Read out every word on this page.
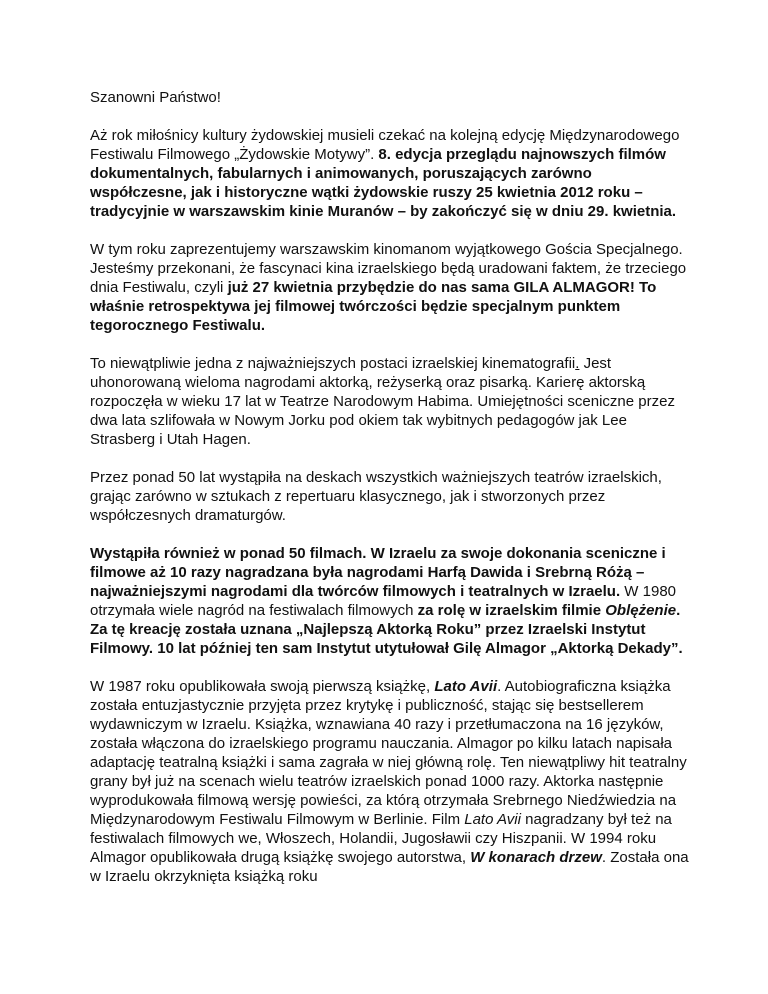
Szanowni Państwo!

Aż rok miłośnicy kultury żydowskiej musieli czekać na kolejną edycję Międzynarodowego Festiwalu Filmowego „Żydowskie Motywy”. 8. edycja przeglądu najnowszych filmów dokumentalnych, fabularnych i animowanych, poruszających zarówno współczesne, jak i historyczne wątki żydowskie ruszy 25 kwietnia 2012 roku – tradycyjnie w warszawskim kinie Muranów – by zakończyć się w dniu 29. kwietnia.

W tym roku zaprezentujemy warszawskim kinomanom wyjątkowego Gościa Specjalnego. Jesteśmy przekonani, że fascynaci kina izraelskiego będą uradowani faktem, że trzeciego dnia Festiwalu, czyli już 27 kwietnia przybędzie do nas sama GILA ALMAGOR! To właśnie retrospektywa jej filmowej twórczości będzie specjalnym punktem tegorocznego Festiwalu.

To niewątpliwie jedna z najważniejszych postaci izraelskiej kinematografii. Jest uhonorowaną wieloma nagrodami aktorką, reżyserką oraz pisarką. Karierę aktorską rozpoczęła w wieku 17 lat w Teatrze Narodowym Habima. Umiejętności sceniczne przez dwa lata szlifowała w Nowym Jorku pod okiem tak wybitnych pedagogów jak Lee Strasberg i Utah Hagen.

Przez ponad 50 lat wystąpiła na deskach wszystkich ważniejszych teatrów izraelskich, grając zarówno w sztukach z repertuaru klasycznego, jak i stworzonych przez współczesnych dramaturgów.

Wystąpiła również w ponad 50 filmach. W Izraelu za swoje dokonania sceniczne i filmowe aż 10 razy nagradzana była nagrodami Harfą Dawida i Srebrną Różą – najważniejszymi nagrodami dla twórców filmowych i teatralnych w Izraelu. W 1980 otrzymała wiele nagród na festiwalach filmowych za rolę w izraelskim filmie Oblężenie. Za tę kreację została uznana „Najlepszą Aktorką Roku” przez Izraelski Instytut Filmowy. 10 lat później ten sam Instytut utytułował Gilę Almagor „Aktorką Dekady”.

W 1987 roku opublikowała swoją pierwszą książkę, Lato Avii. Autobiograficzna książka została entuzjastycznie przyjęta przez krytykę i publiczność, stając się bestsellerem wydawniczym w Izraelu. Książka, wznawiana 40 razy i przetłumaczona na 16 języków, została włączona do izraelskiego programu nauczania. Almagor po kilku latach napisała adaptację teatralną książki i sama zagrała w niej główną rolę. Ten niewątpliwy hit teatralny grany był już na scenach wielu teatrów izraelskich ponad 1000 razy. Aktorka następnie wyprodukowała filmową wersję powieści, za którą otrzymała Srebrnego Niedźwiedzia na Międzynarodowym Festiwalu Filmowym w Berlinie. Film Lato Avii nagradzany był też na festiwalach filmowych we, Włoszech, Holandii, Jugosławii czy Hiszpanii. W 1994 roku Almagor opublikowała drugą książkę swojego autorstwa, W konarach drzew. Została ona w Izraelu okrzyknięta książką roku
